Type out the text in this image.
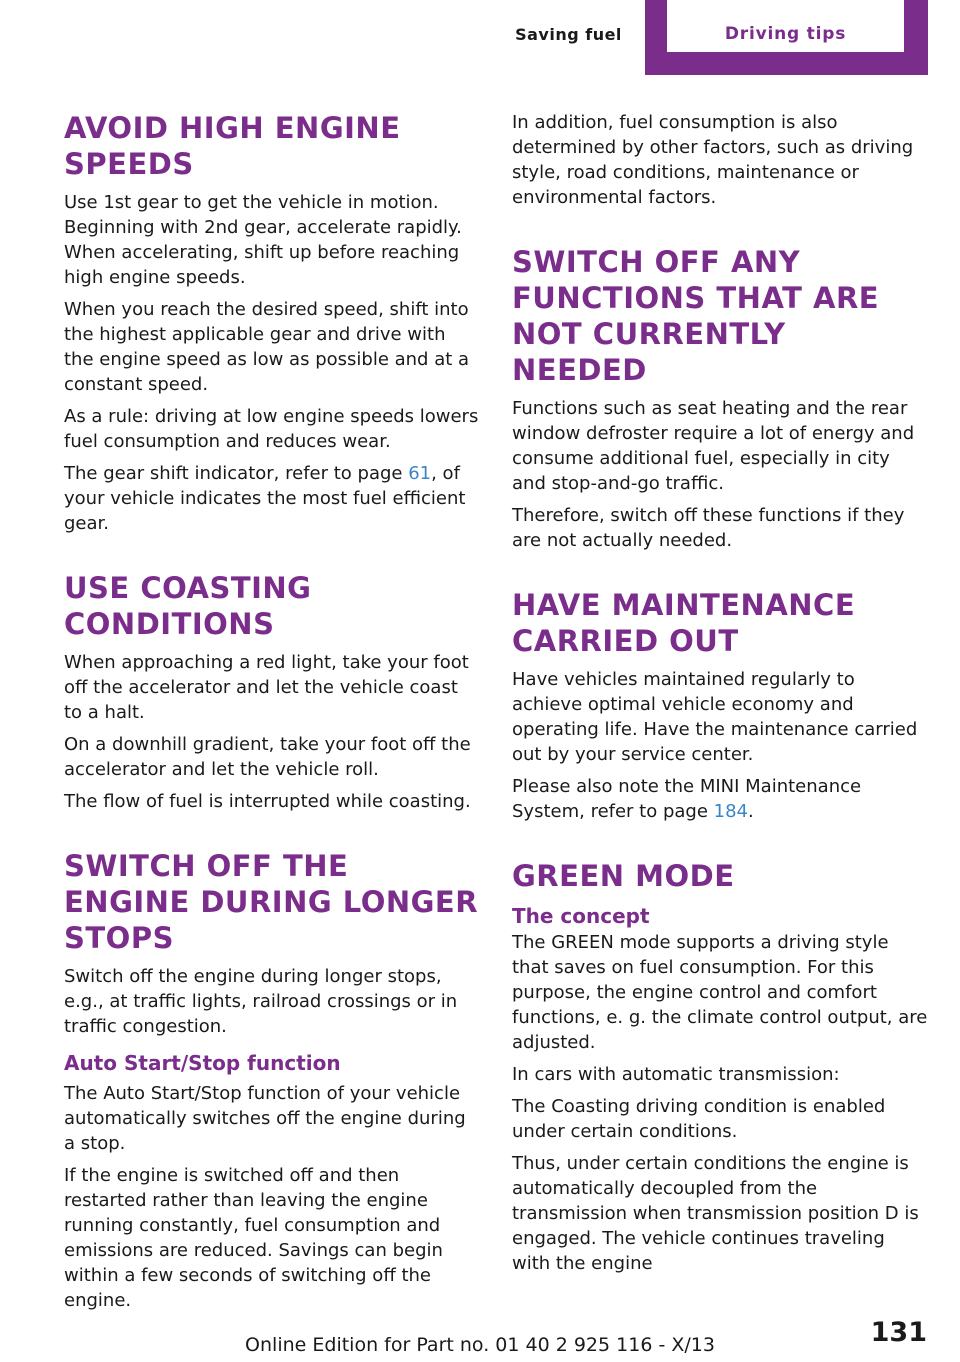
Saving fuel	Driving tips
AVOID HIGH ENGINE SPEEDS

Use 1st gear to get the vehicle in motion. Beginning with 2nd gear, accelerate rapidly. When accelerating, shift up before reaching high engine speeds.

When you reach the desired speed, shift into the highest applicable gear and drive with the engine speed as low as possible and at a constant speed.

As a rule: driving at low engine speeds lowers fuel consumption and reduces wear.

The gear shift indicator, refer to page 61, of your vehicle indicates the most fuel efficient gear.

USE COASTING CONDITIONS

When approaching a red light, take your foot off the accelerator and let the vehicle coast to a halt.

On a downhill gradient, take your foot off the accelerator and let the vehicle roll.

The flow of fuel is interrupted while coasting.

SWITCH OFF THE ENGINE DURING LONGER STOPS

Switch off the engine during longer stops, e.g., at traffic lights, railroad crossings or in traffic congestion.

Auto Start/Stop function

The Auto Start/Stop function of your vehicle automatically switches off the engine during a stop.

If the engine is switched off and then restarted rather than leaving the engine running constantly, fuel consumption and emissions are reduced. Savings can begin within a few seconds of switching off the engine.

In addition, fuel consumption is also determined by other factors, such as driving style, road conditions, maintenance or environmental factors.

SWITCH OFF ANY FUNCTIONS THAT ARE NOT CURRENTLY NEEDED

Functions such as seat heating and the rear window defroster require a lot of energy and consume additional fuel, especially in city and stop-and-go traffic.

Therefore, switch off these functions if they are not actually needed.

HAVE MAINTENANCE CARRIED OUT

Have vehicles maintained regularly to achieve optimal vehicle economy and operating life. Have the maintenance carried out by your service center.

Please also note the MINI Maintenance System, refer to page 184.

GREEN MODE
The concept

The GREEN mode supports a driving style that saves on fuel consumption. For this purpose, the engine control and comfort functions, e. g. the climate control output, are adjusted.

In cars with automatic transmission:

The Coasting driving condition is enabled under certain conditions.

Thus, under certain conditions the engine is automatically decoupled from the transmission when transmission position D is engaged. The vehicle continues traveling with the engine

Online Edition for Part no. 01 40 2 925 116 - X/13	131
